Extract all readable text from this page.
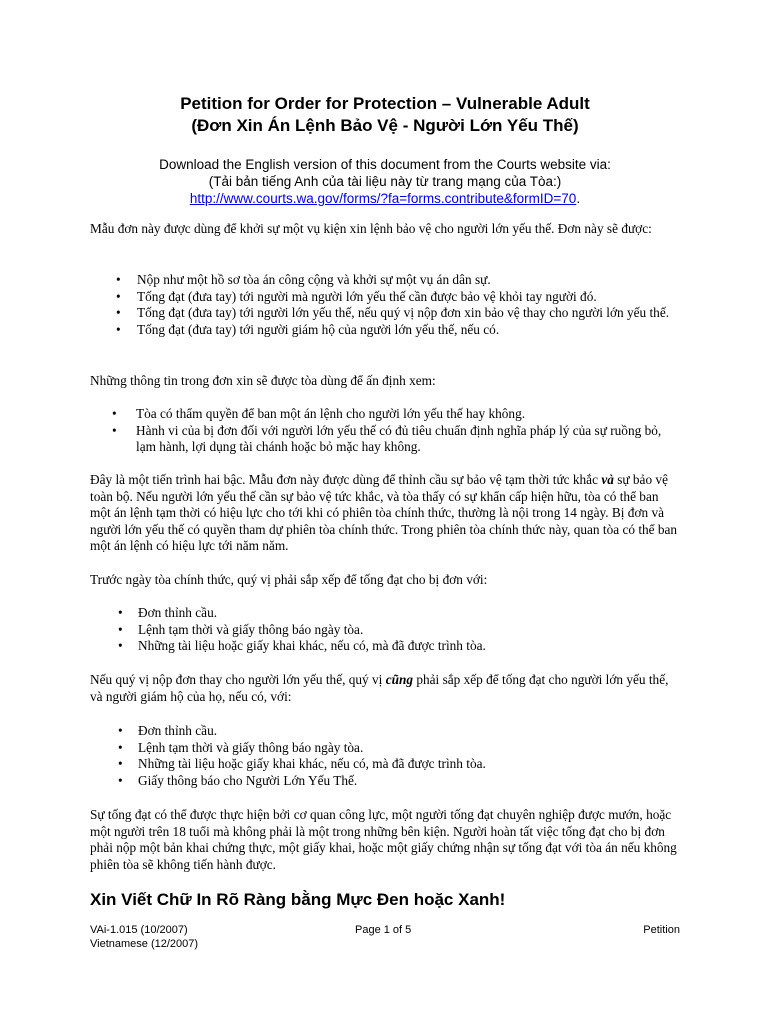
Petition for Order for Protection – Vulnerable Adult
(Đơn Xin Án Lệnh Bảo Vệ - Người Lớn Yếu Thế)
Download the English version of this document from the Courts website via:
(Tải bản tiếng Anh của tài liệu này từ trang mạng của Tòa:)
http://www.courts.wa.gov/forms/?fa=forms.contribute&formID=70.
Mẫu đơn này được dùng để khởi sự một vụ kiện xin lệnh bảo vệ cho người lớn yếu thế. Đơn này sẽ được:
• Nộp như một hồ sơ tòa án công cộng và khởi sự một vụ án dân sự.
• Tống đạt (đưa tay) tới người mà người lớn yếu thế cần được bảo vệ khỏi tay người đó.
• Tống đạt (đưa tay) tới người lớn yếu thế, nếu quý vị nộp đơn xin bảo vệ thay cho người lớn yếu thế.
• Tống đạt (đưa tay) tới người giám hộ của người lớn yếu thế, nếu có.
Những thông tin trong đơn xin sẽ được tòa dùng để ấn định xem:
• Tòa có thẩm quyền để ban một án lệnh cho người lớn yếu thế hay không.
• Hành vi của bị đơn đối với người lớn yếu thế có đủ tiêu chuẩn định nghĩa pháp lý của sự ruồng bỏ, lạm hành, lợi dụng tài chánh hoặc bỏ mặc hay không.
Đây là một tiến trình hai bậc. Mẫu đơn này được dùng để thỉnh cầu sự bảo vệ tạm thời tức khắc và sự bảo vệ toàn bộ. Nếu người lớn yếu thế cần sự bảo vệ tức khắc, và tòa thấy có sự khẩn cấp hiện hữu, tòa có thể ban một án lệnh tạm thời có hiệu lực cho tới khi có phiên tòa chính thức, thường là nội trong 14 ngày. Bị đơn và người lớn yếu thế có quyền tham dự phiên tòa chính thức. Trong phiên tòa chính thức này, quan tòa có thể ban một án lệnh có hiệu lực tới năm năm.
Trước ngày tòa chính thức, quý vị phải sắp xếp để tống đạt cho bị đơn với:
• Đơn thỉnh cầu.
• Lệnh tạm thời và giấy thông báo ngày tòa.
• Những tài liệu hoặc giấy khai khác, nếu có, mà đã được trình tòa.
Nếu quý vị nộp đơn thay cho người lớn yếu thế, quý vị cũng phải sắp xếp để tống đạt cho người lớn yếu thế, và người giám hộ của họ, nếu có, với:
• Đơn thỉnh cầu.
• Lệnh tạm thời và giấy thông báo ngày tòa.
• Những tài liệu hoặc giấy khai khác, nếu có, mà đã được trình tòa.
• Giấy thông báo cho Người Lớn Yếu Thế.
Sự tống đạt có thể được thực hiện bởi cơ quan công lực, một người tống đạt chuyên nghiệp được mướn, hoặc một người trên 18 tuổi mà không phải là một trong những bên kiện. Người hoàn tất việc tống đạt cho bị đơn phải nộp một bản khai chứng thực, một giấy khai, hoặc một giấy chứng nhận sự tống đạt với tòa án nếu không phiên tòa sẽ không tiến hành được.
Xin Viết Chữ In Rõ Ràng bằng Mực Đen hoặc Xanh!
VAi-1.015 (10/2007)
Vietnamese (12/2007)
Page 1 of 5	Petition
